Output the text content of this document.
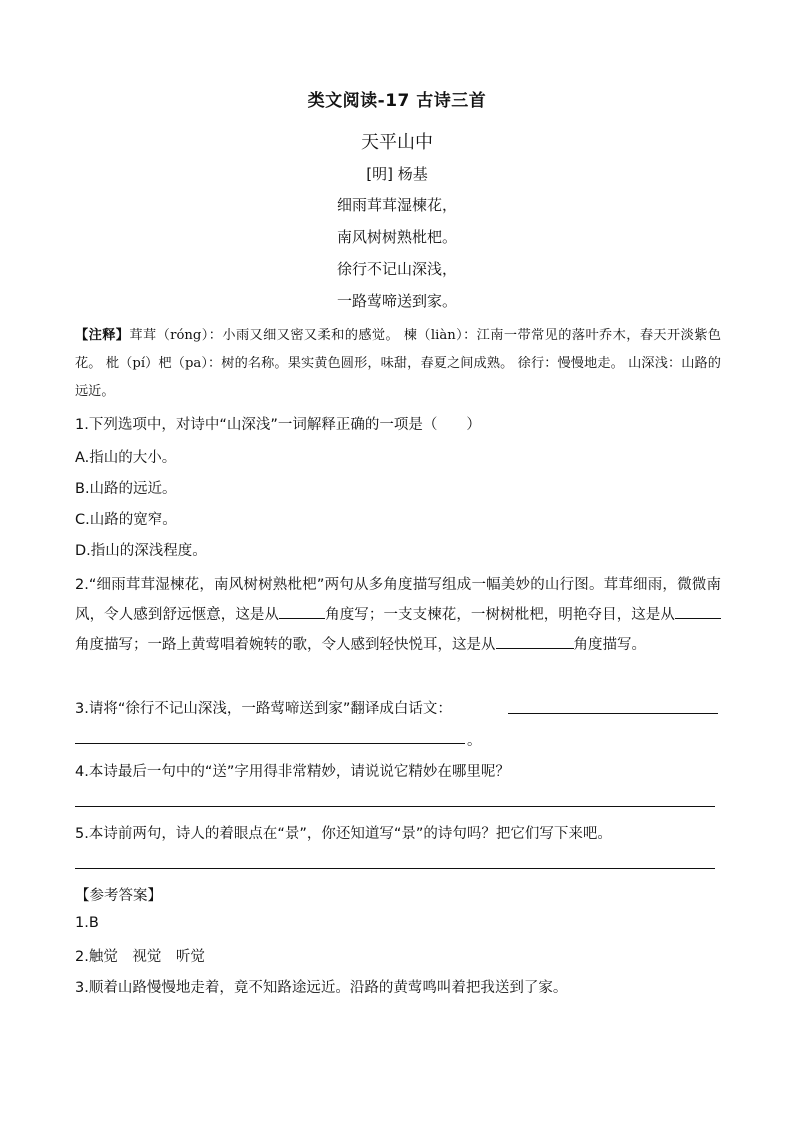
类文阅读-17 古诗三首
天平山中
[明] 杨基
细雨茸茸湿楝花，
南风树树熟枇杷。
徐行不记山深浅，
一路莺啼送到家。
【注释】茸茸（róng）：小雨又细又密又柔和的感觉。 楝（liàn）：江南一带常见的落叶乔木，春天开淡紫色花。 枇（pí）杷（pa）：树的名称。果实黄色圆形，味甜，春夏之间成熟。 徐行：慢慢地走。 山深浅：山路的远近。
1.下列选项中，对诗中“山深浅”一词解释正确的一项是（　　）
A.指山的大小。
B.山路的远近。
C.山路的宽窄。
D.指山的深浅程度。
2.“细雨茸茸湿楝花，南风树树熟枇杷”两句从多角度描写组成一幅美妙的山行图。茸茸细雨，微微南风，令人感到舒远惬意，这是从	角度写；一支支楝花，一树树枇杷，明艳夺目，这是从角度描写；一路上黄莺唱着婉转的歌，令人感到轻快悦耳，这是从	角度描写。
3.请将“徐行不记山深浅，一路莺啼送到家”翻译成白话文：
。
4.本诗最后一句中的“送”字用得非常精妙，请说说它精妙在哪里呢？
5.本诗前两句，诗人的着眼点在“景”，你还知道写“景”的诗句吗？把它们写下来吧。
【参考答案】
1.B
2.触觉　视觉　听觉
3.顺着山路慢慢地走着，竟不知路途远近。沿路的黄莺鸣叫着把我送到了家。
